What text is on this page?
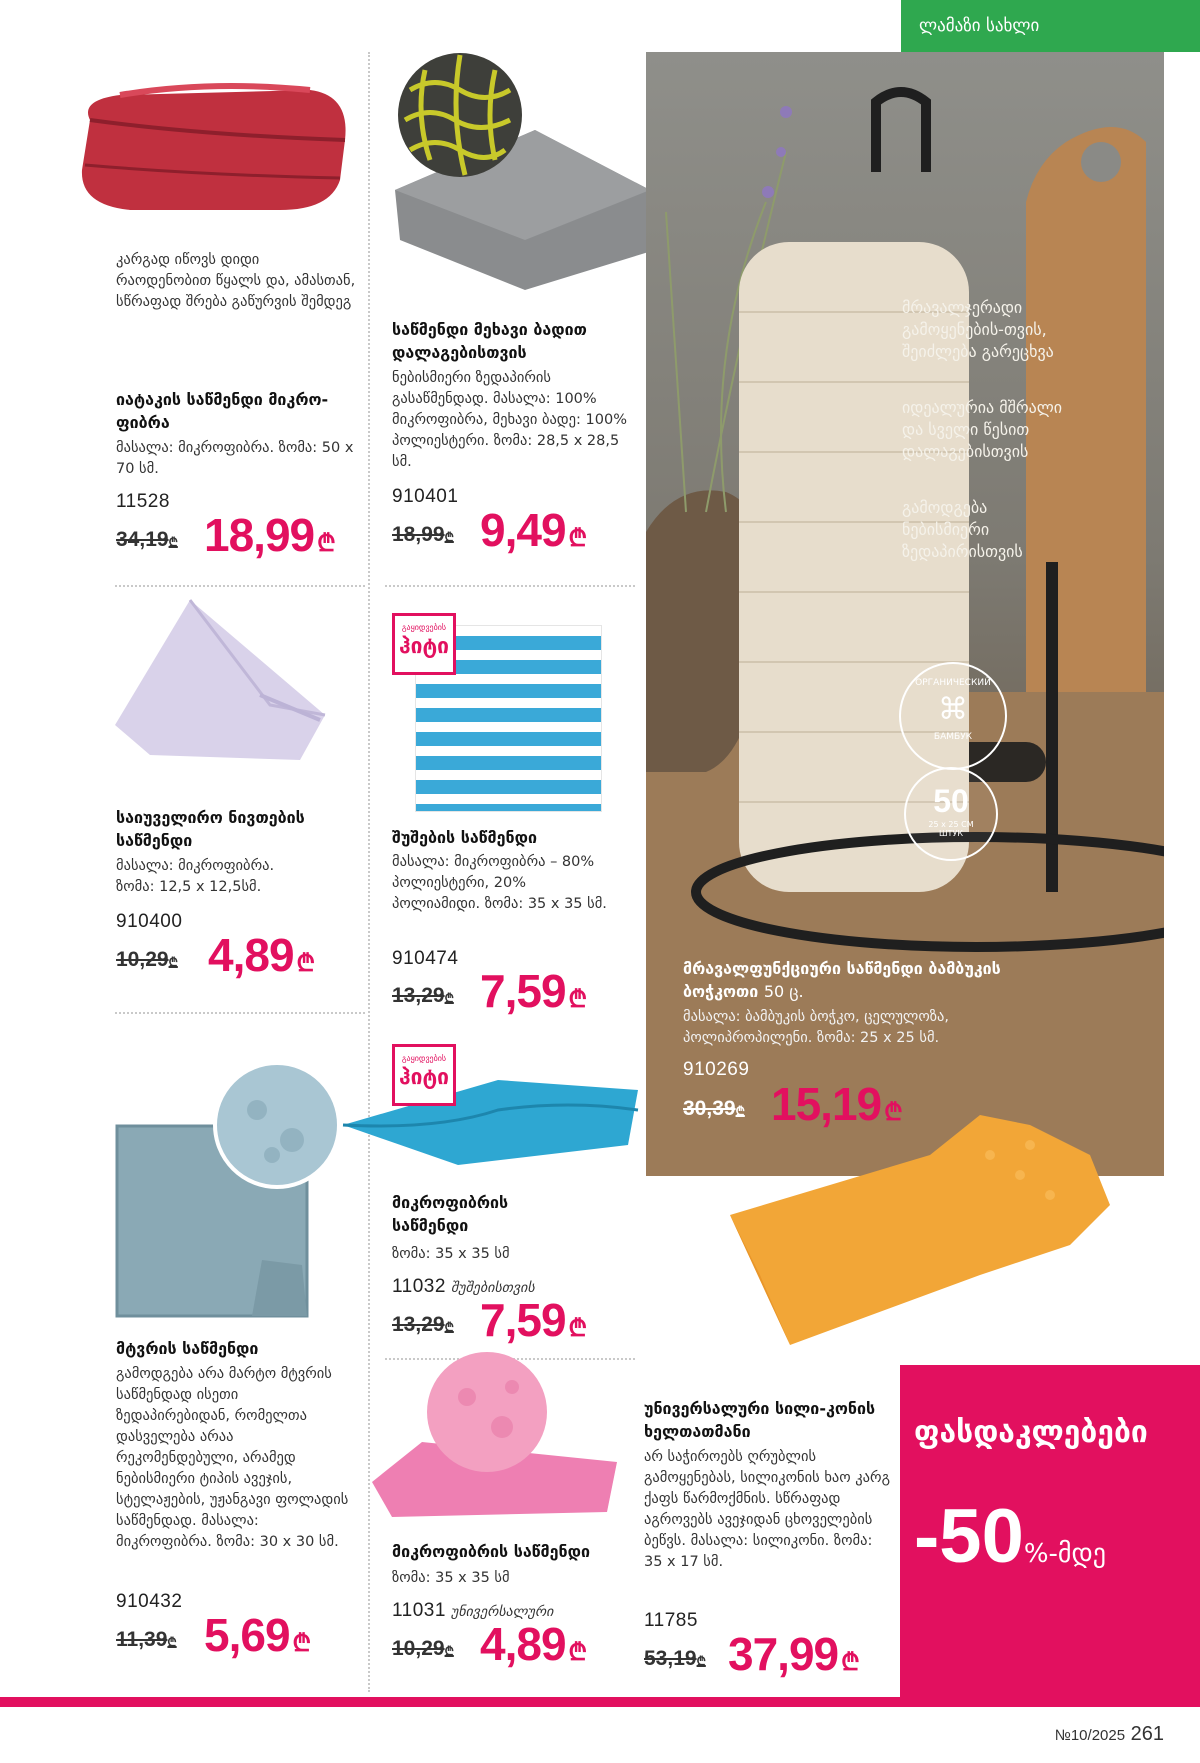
ლამაზი სახლი
კარგად იწოვს დიდი რაოდენობით წყალს და, ამასთან, სწრაფად შრება გაწურვის შემდეგ
იატაკის საწმენდი მიკრო-ფიბრა
მასალა: მიკროფიბრა. ზომა: 50 x 70 სმ.
11528
34,19₾ 18,99 ₾
საწმენდი მეხავი ბადით დალაგებისთვის
ნებისმიერი ზედაპირის გასაწმენდად. მასალა: 100% მიკროფიბრა, მეხავი ბადე: 100% პოლიესტერი. ზომა: 28,5 x 28,5 სმ.
910401
18,99₾ 9,49 ₾
საიუველირო ნივთების საწმენდი
მასალა: მიკროფიბრა. ზომა: 12,5 x 12,5სმ.
910400
10,29₾ 4,89 ₾
გაყიდვების
ჰიტი
შუშების საწმენდი
მასალა: მიკროფიბრა – 80% პოლიესტერი, 20% პოლიამიდი. ზომა: 35 x 35 სმ.
910474
13,29₾ 7,59 ₾
გაყიდვების
ჰიტი
მიკროფიბრის საწმენდი
ზომა: 35 x 35 სმ
11032 შუშებისთვის
13,29₾ 7,59 ₾
მტვრის საწმენდი
გამოდგება არა მარტო მტვრის საწმენდად ისეთი ზედაპირებიდან, რომელთა დასველება არაა რეკომენდებული, არამედ ნებისმიერი ტიპის ავეჯის, სტელაჟების, უჟანგავი ფოლადის საწმენდად. მასალა: მიკროფიბრა. ზომა: 30 x 30 სმ.
910432
11,39₾ 5,69 ₾
მიკროფიბრის საწმენდი
ზომა: 35 x 35 სმ
11031 უნივერსალური
10,29₾ 4,89 ₾
მრავალჯერადი გამოყენების-თვის, შეიძლება გარეცხვა
იდეალურია მშრალი და სველი წესით დალაგებისთვის
გამოდგება ნებისმიერი ზედაპირისთვის
ОРГАНИЧЕСКИЙ
⌘
БАМБУК
50
25 x 25 СМ
ШТУК
მრავალფუნქციური საწმენდი ბამბუკის ბოჭკოთი 50 ც.
მასალა: ბამბუკის ბოჭკო, ცელულოზა, პოლიპროპილენი. ზომა: 25 x 25 სმ.
910269
30,39₾ 15,19 ₾
უნივერსალური სილი-კონის ხელთათმანი
არ საჭიროებს ღრუბლის გამოყენებას, სილიკონის ხაო კარგ ქაფს წარმოქმნის. სწრაფად აგროვებს ავეჯიდან ცხოველების ბეწვს. მასალა: სილიკონი. ზომა: 35 x 17 სმ.
11785
53,19₾ 37,99 ₾
ფასდაკლებები
-50%-მდე
№10/2025 261
